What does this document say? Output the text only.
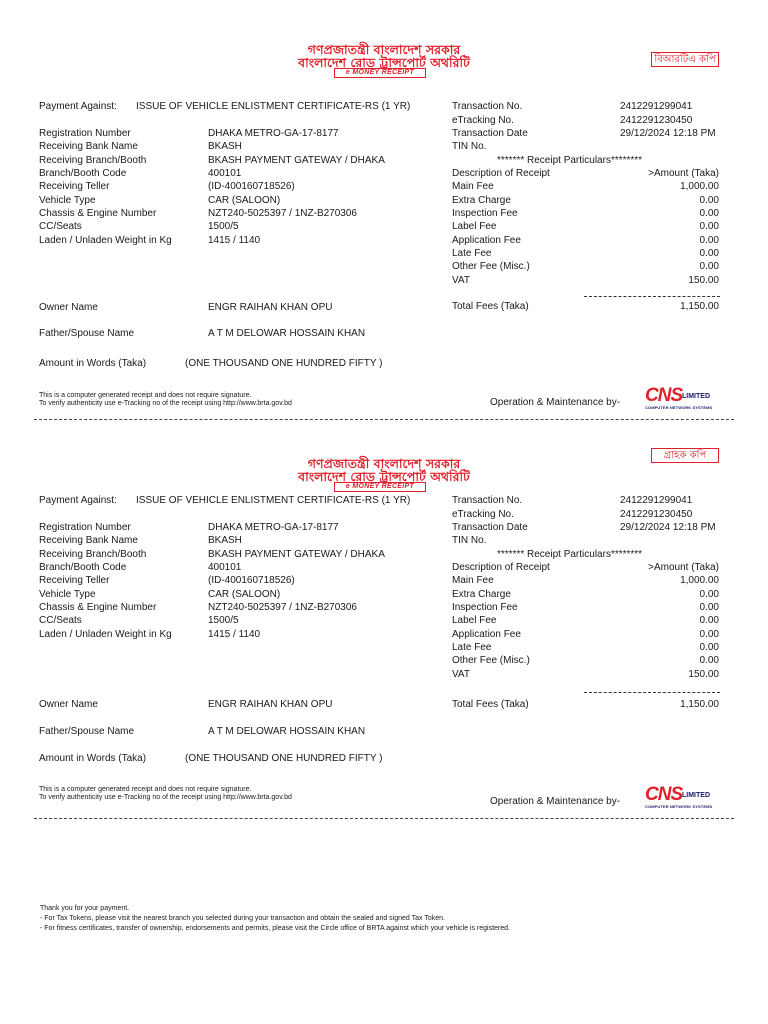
গণপ্রজাতন্ত্রী বাংলাদেশ সরকার
বাংলাদেশ রোড ট্রান্সপোর্ট অথরিটি
e MONEY RECEIPT
বিআরটিএ কপি
Payment Against: ISSUE OF VEHICLE ENLISTMENT CERTIFICATE-RS (1 YR)
Registration Number	DHAKA METRO-GA-17-8177
Receiving Bank Name	BKASH
Receiving Branch/Booth	BKASH PAYMENT GATEWAY / DHAKA
Branch/Booth Code	400101
Receiving Teller	(ID-400160718526)
Vehicle Type	CAR (SALOON)
Chassis & Engine Number	NZT240-5025397 / 1NZ-B270306
CC/Seats	1500/5
Laden / Unladen Weight in Kg	1415 / 1140
Owner Name	ENGR RAIHAN KHAN OPU
Father/Spouse Name	A T M DELOWAR HOSSAIN KHAN
Amount in Words (Taka)	(ONE THOUSAND ONE HUNDRED FIFTY )
Transaction No.	2412291299041
eTracking No.	2412291230450
Transaction Date	29/12/2024 12:18 PM
TIN No.
******* Receipt Particulars********
Description of Receipt	>Amount (Taka)
Main Fee	1,000.00
Extra Charge	0.00
Inspection Fee	0.00
Label Fee	0.00
Application Fee	0.00
Late Fee	0.00
Other Fee (Misc.)	0.00
VAT	150.00
Total Fees (Taka)	1,150.00
This is a computer generated receipt and does not require signature.
To verify authenticity use e-Tracking no of the receipt using http://www.brta.gov.bd	Operation & Maintenance by- CNS LIMITED
COMPUTER NETWORK SYSTEMS
গণপ্রজাতন্ত্রী বাংলাদেশ সরকার
বাংলাদেশ রোড ট্রান্সপোর্ট অথরিটি
e MONEY RECEIPT
গ্রাহক কপি
Payment Against: ISSUE OF VEHICLE ENLISTMENT CERTIFICATE-RS (1 YR)
Registration Number	DHAKA METRO-GA-17-8177
Receiving Bank Name	BKASH
Receiving Branch/Booth	BKASH PAYMENT GATEWAY / DHAKA
Branch/Booth Code	400101
Receiving Teller	(ID-400160718526)
Vehicle Type	CAR (SALOON)
Chassis & Engine Number	NZT240-5025397 / 1NZ-B270306
CC/Seats	1500/5
Laden / Unladen Weight in Kg	1415 / 1140
Owner Name	ENGR RAIHAN KHAN OPU
Father/Spouse Name	A T M DELOWAR HOSSAIN KHAN
Amount in Words (Taka)	(ONE THOUSAND ONE HUNDRED FIFTY )
Transaction No.	2412291299041
eTracking No.	2412291230450
Transaction Date	29/12/2024 12:18 PM
TIN No.
******* Receipt Particulars********
Description of Receipt	>Amount (Taka)
Main Fee	1,000.00
Extra Charge	0.00
Inspection Fee	0.00
Label Fee	0.00
Application Fee	0.00
Late Fee	0.00
Other Fee (Misc.)	0.00
VAT	150.00
Total Fees (Taka)	1,150.00
This is a computer generated receipt and does not require signature.
To verify authenticity use e-Tracking no of the receipt using http://www.brta.gov.bd	Operation & Maintenance by- CNS LIMITED
COMPUTER NETWORK SYSTEMS
Thank you for your payment.
- For Tax Tokens, please visit the nearest branch you selected during your transaction and obtain the sealed and signed Tax Token.
- For fitness certificates, transfer of ownership, endorsements and permits, please visit the Circle office of BRTA against which your vehicle is registered.
